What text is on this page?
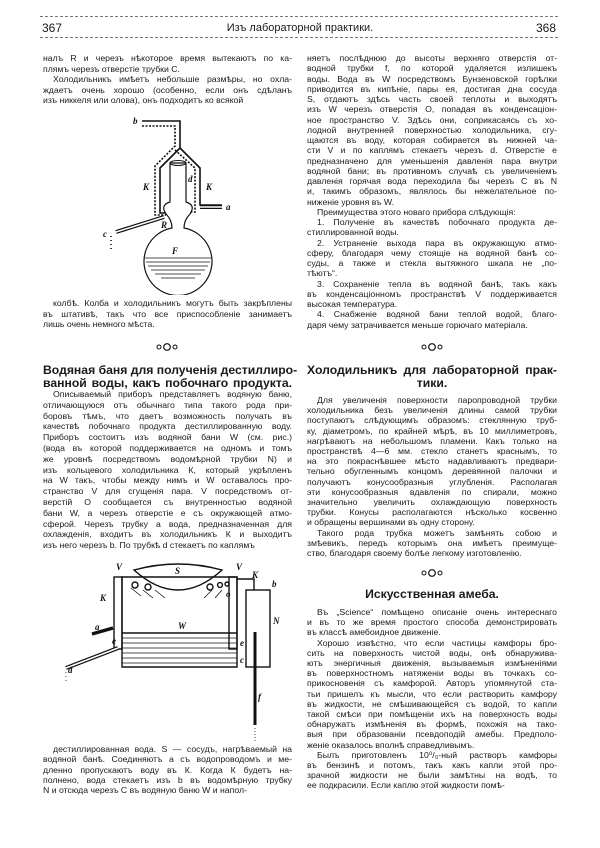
367	Изъ лабораторной практики.	368
налъ R и черезъ нѣкоторое время вытекаютъ по ка-
плямъ черезъ отверстіе трубки С.
Холодильникъ имѣетъ небольшіе размѣры, но охла-
ждаетъ очень хорошо (особенно, если онъ сдѣланъ
изъ никкеля или олова), онъ подходитъ ко всякой
b
K
d
K
a
R
c
F
колбѣ. Колба и холодильникъ могутъ быть закрѣплены
въ штативѣ, такъ что все приспособленіе занимаетъ
лишь очень немного мѣста.
Водяная баня для полученія дестиллиро-
ванной воды, какъ побочнаго продукта.
Описываемый приборъ представляетъ водяную баню,
отличающуюся отъ обычнаго типа такого рода при-
боровъ тѣмъ, что даетъ возможность получать въ
качествѣ побочнаго продукта дестиллированную воду.
Приборъ состоитъ изъ водяной бани W (см. рис.)
(вода въ которой поддерживается на одномъ и томъ
же уровнѣ посредствомъ водомѣрной трубки N) и
изъ кольцевого холодильника К, который укрѣпленъ
на W такъ, чтобы между нимъ и W оставалось про-
странство V для сгущенія пара. V посредствомъ от-
верстій О сообщается съ внутренностью водяной
бани W, а черезъ отверстіе е съ окружающей атмо-
сферой. Черезъ трубку а вода, предназначенная для
охлажденія, входитъ въ холодильникъ К и выходитъ
изъ него черезъ b. По трубкѣ d стекаетъ по каплямъ
V	S	V
K
K
b
o
N
W
a
e	e
c
d
f
дестиллированная вода. S — сосудъ, нагрѣваемый на
водяной банѣ. Соединяютъ а съ водопроводомъ и ме-
дленно пропускаютъ воду въ К. Когда К будетъ на-
полнено, вода стекаетъ изъ b въ водомѣрную трубку
N и отсюда черезъ С въ водяную баню W и напол-
няетъ послѣднюю до высоты верхняго отверстія от-
водной трубки f, по которой удаляется излишекъ
воды. Вода въ W посредствомъ Бунзеновской горѣлки
приводится въ кипѣніе, пары ея, достигая дна сосуда
S, отдаютъ здѣсь часть своей теплоты и выходятъ
изъ W черезъ отверстія О, попадая въ конденсаціон-
ное пространство V. Здѣсь они, соприкасаясь съ хо-
лодной внутренней поверхностью холодильника, сгу-
щаются въ воду, которая собирается въ нижней ча-
сти V и по каплямъ стекаетъ черезъ d. Отверстіе е
предназначено для уменьшенія давленія пара внутри
водяной бани; въ противномъ случаѣ съ увеличеніемъ
давленія горячая вода переходила бы черезъ С въ N
и, такимъ образомъ, являлось бы нежелательное по-
ниженіе уровня въ W.
Преимущества этого новаго прибора слѣдующія:
1. Полученіе въ качествѣ побочнаго продукта де-
стиллированной воды.
2. Устраненіе выхода пара въ окружающую атмо-
сферу, благодаря чему стоящіе на водяной банѣ со-
суды, а также и стекла вытяжного шкапа не „по-
тѣютъ“.
3. Сохраненіе тепла въ водяной банѣ, такъ какъ
въ конденсаціонномъ пространствѣ V поддерживается
высокая температура.
4. Снабженіе водяной бани теплой водой, благо-
даря чему затрачивается меньше горючаго матеріала.
Холодильникъ для лабораторной прак-
тики.
Для увеличенія поверхности паропроводной трубки
холодильника безъ увеличенія длины самой трубки
поступаютъ слѣдующимъ образомъ: стеклянную труб-
ку, діаметромъ, по крайней мѣрѣ, въ 10 миллиметровъ,
нагрѣваютъ на небольшомъ пламени. Какъ только на
пространствѣ 4—6 мм. стекло станетъ краснымъ, то
на это покраснѣвшее мѣсто надавливаютъ предвари-
тельно обугленнымъ концомъ деревянной палочки и
получаютъ конусообразныя углубленія. Располагая
эти конусообразныя вдавленія по спирали, можно
значительно увеличить охлаждающую поверхность
трубки. Конусы располагаются нѣсколько косвенно
и обращены вершинами въ одну сторону.
Такого рода трубка можетъ замѣнять собою и
змѣевикъ, передъ которымъ она имѣетъ преимуще-
ство, благодаря своему болѣе легкому изготовленію.
Искусственная амеба.
Въ „Science“ помѣщено описаніе очень интереснаго
и въ то же время простого способа демонстрировать
въ классѣ амебоидное движеніе.
Хорошо извѣстно, что если частицы камфоры бро-
сить на поверхность чистой воды, онѣ обнаружива-
ютъ энергичныя движенія, вызываемыя измѣненіями
въ поверхностномъ натяженіи воды въ точкахъ со-
прикосновенія съ камфорой. Авторъ упомянутой ста-
тьи пришелъ къ мысли, что если растворить камфору
въ жидкости, не смѣшивающейся съ водой, то капли
такой смѣси при помѣщеніи ихъ на поверхность воды
обнаружатъ измѣненія въ формѣ, похожія на тако-
выя при образованіи псевдоподій амебы. Предполо-
женіе оказалось вполнѣ справедливымъ.
Былъ приготовленъ 10⁰/₀-ный растворъ камфоры
въ бензинѣ и потомъ, такъ какъ капли этой про-
зрачной жидкости не были замѣтны на водѣ, то
ее подкрасили. Если каплю этой жидкости помѣ-
